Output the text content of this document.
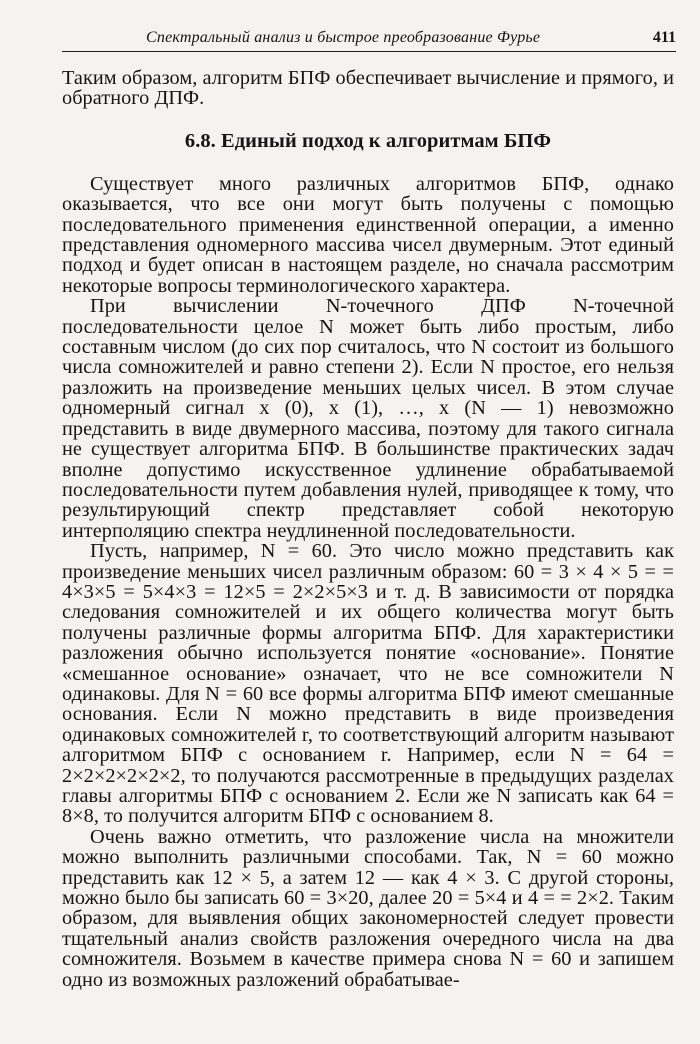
Спектральный анализ и быстрое преобразование Фурье	411

Таким образом, алгоритм БПФ обеспечивает вычисление и прямого, и обратного ДПФ.

6.8. Единый подход к алгоритмам БПФ

Существует много различных алгоритмов БПФ, однако оказывается, что все они могут быть получены с помощью последовательного применения единственной операции, а именно представления одномерного массива чисел двумерным. Этот единый подход и будет описан в настоящем разделе, но сначала рассмотрим некоторые вопросы терминологического характера.

При вычислении N-точечного ДПФ N-точечной последовательности целое N может быть либо простым, либо составным числом (до сих пор считалось, что N состоит из большого числа сомножителей и равно степени 2). Если N простое, его нельзя разложить на произведение меньших целых чисел. В этом случае одномерный сигнал x (0), x (1), …, x (N — 1) невозможно представить в виде двумерного массива, поэтому для такого сигнала не существует алгоритма БПФ. В большинстве практических задач вполне допустимо искусственное удлинение обрабатываемой последовательности путем добавления нулей, приводящее к тому, что результирующий спектр представляет собой некоторую интерполяцию спектра неудлиненной последовательности.

Пусть, например, N = 60. Это число можно представить как произведение меньших чисел различным образом: 60 = 3 × 4 × 5 = = 4×3×5 = 5×4×3 = 12×5 = 2×2×5×3 и т. д. В зависимости от порядка следования сомножителей и их общего количества могут быть получены различные формы алгоритма БПФ. Для характеристики разложения обычно используется понятие «основание». Понятие «смешанное основание» означает, что не все сомножители N одинаковы. Для N = 60 все формы алгоритма БПФ имеют смешанные основания. Если N можно представить в виде произведения одинаковых сомножителей r, то соответствующий алгоритм называют алгоритмом БПФ с основанием r. Например, если N = 64 = 2×2×2×2×2×2, то получаются рассмотренные в предыдущих разделах главы алгоритмы БПФ с основанием 2. Если же N записать как 64 = 8×8, то получится алгоритм БПФ с основанием 8.

Очень важно отметить, что разложение числа на множители можно выполнить различными способами. Так, N = 60 можно представить как 12 × 5, а затем 12 — как 4 × 3. С другой стороны, можно было бы записать 60 = 3×20, далее 20 = 5×4 и 4 = = 2×2. Таким образом, для выявления общих закономерностей следует провести тщательный анализ свойств разложения очередного числа на два сомножителя. Возьмем в качестве примера снова N = 60 и запишем одно из возможных разложений обрабатывае-
